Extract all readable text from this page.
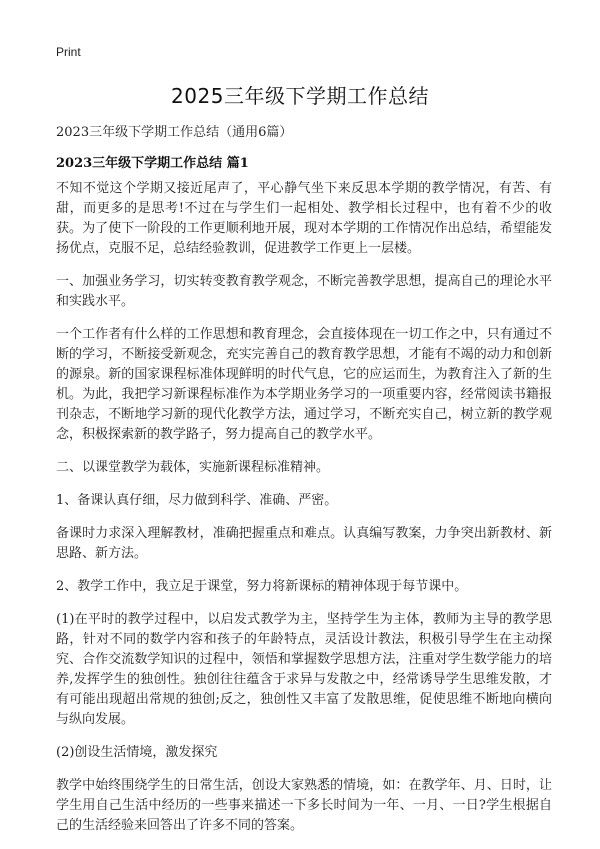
Print
2025三年级下学期工作总结
2023三年级下学期工作总结（通用6篇）
2023三年级下学期工作总结 篇1

不知不觉这个学期又接近尾声了，平心静气坐下来反思本学期的教学情况，有苦、有甜，而更多的是思考!不过在与学生们一起相处、教学相长过程中，也有着不少的收获。为了使下一阶段的工作更顺利地开展，现对本学期的工作情况作出总结，希望能发扬优点，克服不足，总结经验教训，促进教学工作更上一层楼。

一、加强业务学习，切实转变教育教学观念，不断完善教学思想，提高自己的理论水平和实践水平。

一个工作者有什么样的工作思想和教育理念，会直接体现在一切工作之中，只有通过不断的学习，不断接受新观念，充实完善自己的教育教学思想，才能有不竭的动力和创新的源泉。新的国家课程标准体现鲜明的时代气息，它的应运而生，为教育注入了新的生机。为此，我把学习新课程标准作为本学期业务学习的一项重要内容，经常阅读书籍报刊杂志，不断地学习新的现代化教学方法，通过学习，不断充实自己，树立新的教学观念，积极探索新的教学路子，努力提高自己的教学水平。

二、以课堂教学为载体，实施新课程标准精神。

1、备课认真仔细，尽力做到科学、准确、严密。

备课时力求深入理解教材，准确把握重点和难点。认真编写教案，力争突出新教材、新思路、新方法。

2、教学工作中，我立足于课堂，努力将新课标的精神体现于每节课中。

(1)在平时的教学过程中，以启发式教学为主，坚持学生为主体，教师为主导的教学思路，针对不同的数学内容和孩子的年龄特点，灵活设计教法，积极引导学生在主动探究、合作交流数学知识的过程中，领悟和掌握数学思想方法，注重对学生数学能力的培养,发挥学生的独创性。独创往往蕴含于求异与发散之中，经常诱导学生思维发散，才有可能出现超出常规的独创;反之，独创性又丰富了发散思维，促使思维不断地向横向与纵向发展。

(2)创设生活情境，激发探究

教学中始终围绕学生的日常生活，创设大家熟悉的情境，如：在教学年、月、日时，让学生用自己生活中经历的一些事来描述一下多长时间为一年、一月、一日?学生根据自己的生活经验来回答出了许多不同的答案。
